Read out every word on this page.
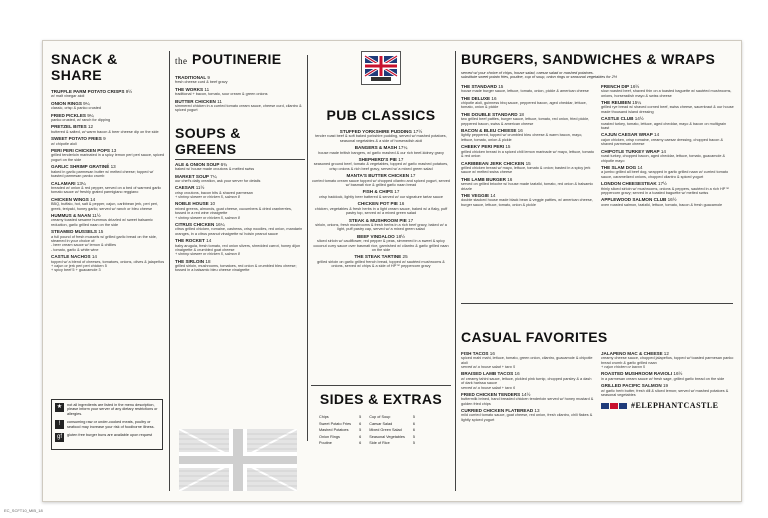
SNACK & SHARE
TRUFFLE PARM POTATO CRISPS 9½
w/ malt vinegar aioli
ONION RINGS 9¼
classic, crisp & panko crusted
FRIED PICKLES 9¼
panko crusted, w/ ranch for dipping
PRETZEL BITES 12
buttered & salted, w/ warm bacon & beer cheese dip on the side
SWEET POTATO FRIES 9
w/ chipotle aioli
PERI PERI CHICKEN POPS 13
grilled tenderloin marinated in a spicy lemon peri peri sauce, spiced yogurt on the side
GARLIC SHRIMP GRATINÉ 13
baked in garlic parmesan butter w/ melted cheese; topped w/ toasted parmesan panko crumb
CALAMARI 13¼
breaded w/ onion & red pepper, served on a bed of warmed garlic tomato sauce w/ freshly grated parmigiano reggiano
CHICKEN WINGS 14
BBQ, buffalo, hot, salt & pepper, cajun, caribbean jerk, peri peri, greek, teriyaki, honey garlic; served w/ ranch or bleu cheese
HUMMUS & NAAN 11½
creamy toasted sesame hummus drizzled w/ sweet balsamic reduction, garlic grilled naan on the side
STEAMED MUSSELS 15
a full pound of fresh mussels w/ grilled garlic bread on the side, steamed in your choice of:
- beer cream sauce w/ lemon & chillies
- tomato, garlic & white wine
CASTLE NACHOS 14
topped w/ a blend of cheeses, tomatoes, onions, olives & jalapeños
+ cajun or jerk peri peri chicken 5
+ spicy beef 5 + guacamole 3
★	not all ingredients are listed in the menu description, please inform your server of any dietary restrictions or allergies.
!	consuming raw or under-cooked meats, poultry or seafood may increase your risk of foodborne illness.
gf	gluten free burger buns are available upon request
the POUTINERIE
TRADITIONAL 9
fresh cheese curd & beef gravy
THE WORKS 11
traditional + bacon, tomato, sour cream & green onions
BUTTER CHICKEN 11
simmered chicken in a curried tomato cream sauce, cheese curd, cilantro & spiced yogurt
SOUPS & GREENS
ALE & ONION SOUP 6¾
baked w/ house made croutons & melted swiss
MARKET SOUP 7¼
our chef's daily creation, ask your server for details
CAESAR 11½
crisp croutons, bacon bits & shaved parmesan
+ shrimp skewer or chicken 5, salmon 8
NOBLE HOUSE 10
mixed greens, almonds, goat cheese, cucumbers & dried cranberries, tossed in a red wine vinaigrette
+ shrimp skewer or chicken 5, salmon 8
CITRUS CHICKEN 16¼
citrus grilled chicken, romaine, cashews, crisp noodles, red onion, mandarin oranges, in a citrus peanut vinaigrette w/ hoisin peanut sauce
THE ROCKET 14
baby arugula, fresh tomato, red onion slivers, shredded carrot, honey dijon vinaigrette & crumbled goat cheese
+ shrimp skewer or chicken 5, salmon 8
THE SIRLOIN 18
grilled sirloin, mushrooms, tomatoes, red onion & crumbled bleu cheese; tossed in a balsamic bleu cheese vinaigrette
PUB CLASSICS
STUFFED YORKSHIRE PUDDING 17½
tender roast beef & soft baked yorkshire pudding, served w/ mashed potatoes, seasonal vegetables & a side of horseradish aioli
BANGERS & MASH 17¼
house made british bangers, w/ garlic mashed & our rich beef-kidney gravy
SHEPHERD'S PIE 17
seasoned ground beef, tomato & vegetables, topped w/ garlic mashed potatoes, crisp onions & rich beef gravy, served w/ a mixed green salad
MANTA'S BUTTER CHICKEN 17
curried tomato cream sauce topped w/ chopped cilantro and spiced yogurt, served w/ basmati rice & grilled garlic naan bread
FISH & CHIPS 17
crisp haddock, lightly beer battered & served w/ our signature tartar sauce
CHICKEN POT PIE 16
chicken, vegetables & fresh herbs in a light cream sauce, baked w/ a flaky, puff pastry top, served w/ a mixed green salad
STEAK & MUSHROOM PIE 17
sirloin, onions, fresh mushrooms & fresh herbs in a rich beef gravy, baked w/ a light, puff pastry cap, served w/ a mixed green salad
BEEF VINDALOO 18½
sliced sirloin w/ cauliflower, red pepper & peas, simmered in a sweet & spicy coconut curry sauce over basmati rice, garnished w/ cilantro & garlic grilled naan on the side
THE STEAK TARTINE 25
grilled sirloin on garlic grilled french bread, topped w/ sautéed mushrooms & onions, served w/ chips & a side of HP™ peppercorn gravy
SIDES & EXTRAS
Chips	5	Cup of Soup	5
Sweet Potato Fries	6	Caesar Salad	6
Mashed Potatoes	5	Mixed Green Salad	6
Onion Rings	6	Seasonal Vegetables	5
Poutine	6	Side of Rice	5
BURGERS, SANDWICHES & WRAPS
served w/ your choice of chips, house salad, caesar salad or mashed potatoes.
substitute sweet potato fries, poutine, cup of soup, onion rings or seasonal vegetables for 2½
THE STANDARD 15
house made burger sauce, lettuce, tomato, onion, pickle & american cheese
THE DELUXE 16
chipotle aioli, guinness bbq sauce, peppered bacon, aged cheddar, lettuce, tomato, onion & pickle
THE DOUBLE STANDARD 18
two grilled beef patties, burger sauce, lettuce, tomato, red onion, fried pickle, peppered bacon, swiss & american cheese
BACON & BLEU CHEESE 16
lightly peppered, topped w/ crumbled bleu cheese & warm bacon, mayo, lettuce, tomato, onion & pickle
CHEEKY PERI PERI 15
grilled chicken breast in a spiced chili lemon marinade w/ mayo, lettuce, tomato & red onion
CARIBBEAN JERK CHICKEN 15
grilled chicken breast w/ mayo, lettuce, tomato & onion; basted in a spicy jerk sauce w/ melted swiss cheese
THE LAMB BURGER 16
served on grilled brioche w/ house made tzatziki, tomato, red onion & balsamic drizzle
THE VEGGIE 14
double stacked house made black bean & veggie patties, w/ american cheese, burger sauce, lettuce, tomato, onion & pickle
FRENCH DIP 16½
slow roasted beef, shaved thin on a toasted baguette w/ sautéed mushrooms, onions, horseradish mayo & swiss cheese
THE REUBEN 15¼
grilled rye bread w/ shaved corned beef, swiss cheese, sauerkraut & our house made thousand island dressing
CASTLE CLUB 14½
roasted turkey, tomato, lettuce, aged cheddar, mayo & bacon on multigrain toast
CAJUN CAESAR WRAP 14
cajun chicken, crisp romaine, creamy caesar dressing, chopped bacon & shaved parmesan cheese
CHIPOTLE TURKEY WRAP 14
roast turkey, chopped bacon, aged cheddar, lettuce, tomato, guacamole & chipotle mayo
THE SLAM DOG 14
a jumbo grilled all beef dog, wrapped in garlic grilled naan w/ curried tomato sauce, caramelized onions, chopped cilantro & spiced yogurt
LONDON CHEESESTEAK 17½
thinly sliced sirloin w/ mushrooms, onions & peppers, sautéed in a rich HP™ peppercorn gravy; served in a toasted baguette w/ melted swiss
APPLEWOOD SALMON CLUB 16½
oven roasted salmon, tzatziki, lettuce, tomato, bacon & fresh guacamole
CASUAL FAVORITES
FISH TACOS 16
spiced mahi mahi, lettuce, tomato, green onion, cilantro, guacamole & chipotle aioli
served w/ a house salad + taco 5
BRAISED LAMB TACOS 16
w/ creamy tahini sauce, lettuce, pickled pink turnip, chopped parsley & a dash of dark harissa sauce
served w/ a house salad + taco 6
FRIED CHICKEN TENDERS 14½
buttermilk brined, hand breaded chicken tenderloin served w/ honey mustard & golden fried chips
CURRIED CHICKEN FLATBREAD 13
mild curried tomato sauce, goat cheese, red onion, fresh cilantro, chili flakes & lightly spiced yogurt
JALAPENO MAC & CHEESE 12
creamy cheese sauce, chopped jalapeños, topped w/ toasted parmesan panko bread crumb & garlic grilled naan
+ cajun chicken or bacon 5
ROASTED MUSHROOM RAVIOLI 16½
in a parmesan cream sauce w/ fresh sage, grilled garlic bread on the side
GRILLED PACIFIC SALMON 19
w/ garlic herb butter, fresh dill & sliced lemon; served w/ mashed potatoes & seasonal vegetables
#ELEPHANTCASTLE
EC_SCFT10_MIB_18
